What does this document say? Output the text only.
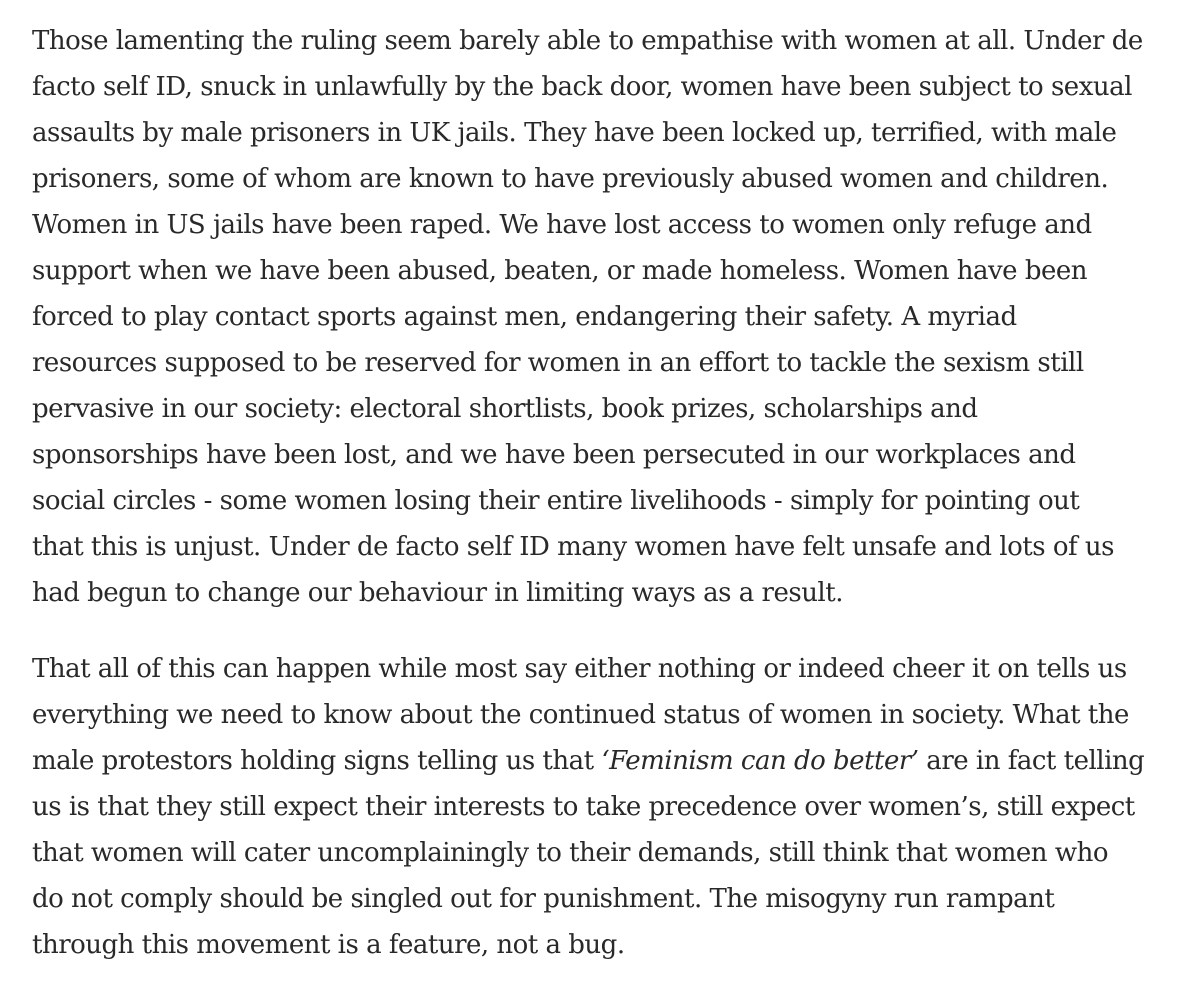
Those lamenting the ruling seem barely able to empathise with women at all. Under de
facto self ID, snuck in unlawfully by the back door, women have been subject to sexual
assaults by male prisoners in UK jails. They have been locked up, terrified, with male
prisoners, some of whom are known to have previously abused women and children.
Women in US jails have been raped. We have lost access to women only refuge and
support when we have been abused, beaten, or made homeless. Women have been
forced to play contact sports against men, endangering their safety. A myriad
resources supposed to be reserved for women in an effort to tackle the sexism still
pervasive in our society: electoral shortlists, book prizes, scholarships and
sponsorships have been lost, and we have been persecuted in our workplaces and
social circles - some women losing their entire livelihoods - simply for pointing out
that this is unjust. Under de facto self ID many women have felt unsafe and lots of us
had begun to change our behaviour in limiting ways as a result.

That all of this can happen while most say either nothing or indeed cheer it on tells us
everything we need to know about the continued status of women in society. What the
male protestors holding signs telling us that ‘Feminism can do better’ are in fact telling
us is that they still expect their interests to take precedence over women’s, still expect
that women will cater uncomplainingly to their demands, still think that women who
do not comply should be singled out for punishment. The misogyny run rampant
through this movement is a feature, not a bug.
